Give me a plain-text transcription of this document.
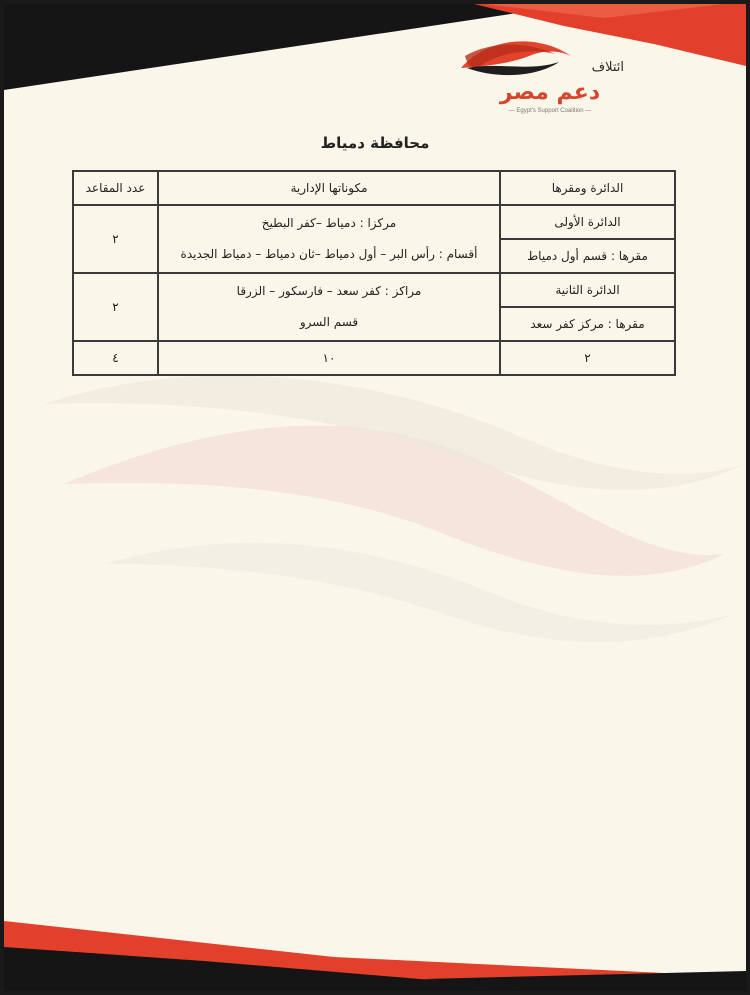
ائتلاف
دعم مصر
— Egypt's Support Coalition —
محافظة دمياط
الدائرة ومقرها	مكوناتها الإدارية	عدد المقاعد
الدائرة الأولى	مركزا : دمياط –كفر البطيخ
أقسام : رأس البر – أول دمياط –ثان دمياط – دمياط الجديدة	٢
مقرها : قسم أول دمياط		
الدائرة الثانية	مراكز : كفر سعد – فارسكور – الزرقا
قسم السرو	٢
مقرها : مركز كفر سعد		
٢	١٠	٤
